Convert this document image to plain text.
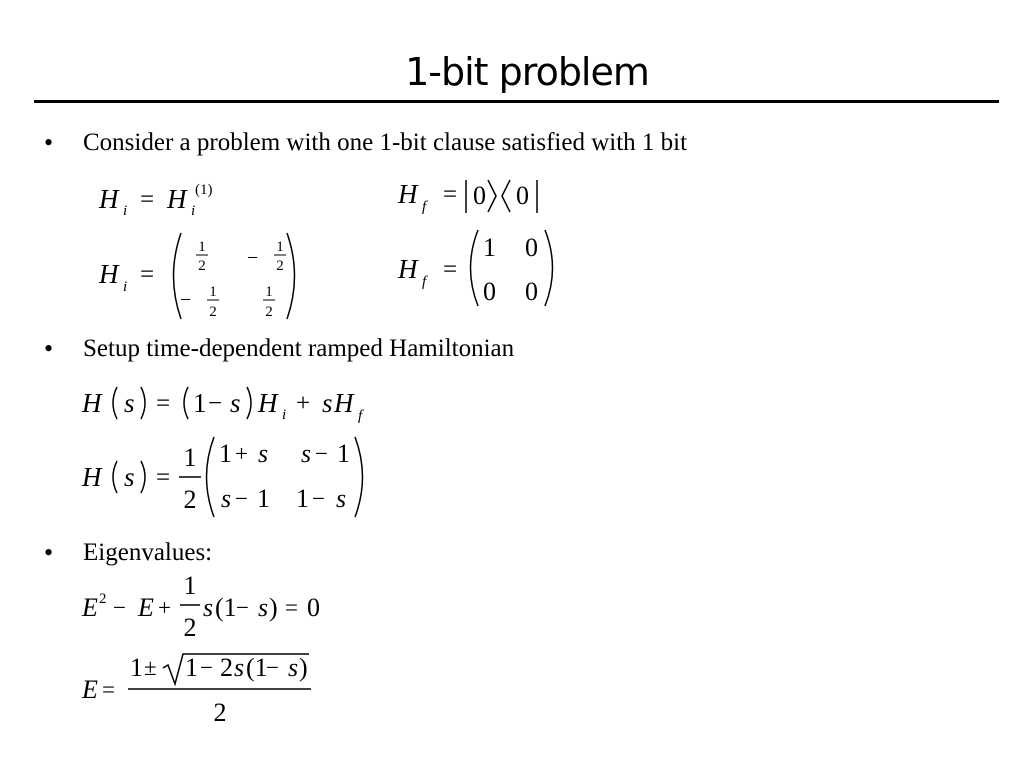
1-bit problem
• Consider a problem with one 1-bit clause satisfied with 1 bit
• Setup time-dependent ramped Hamiltonian
• Eigenvalues:
H i = H i
(1)	H f = 0 0
H i =
1
2 − 1
2
− 1
2
1
2
H f =
1 0
0 0
H s = 1 − s H i + s H f
H s =
1
2
1 + s s − 1
s − 1 1 − s
E 2 − E +
1
2
s (1 − s ) = 0
E =
1 ± 1 − 2 s (1
− s )
2
